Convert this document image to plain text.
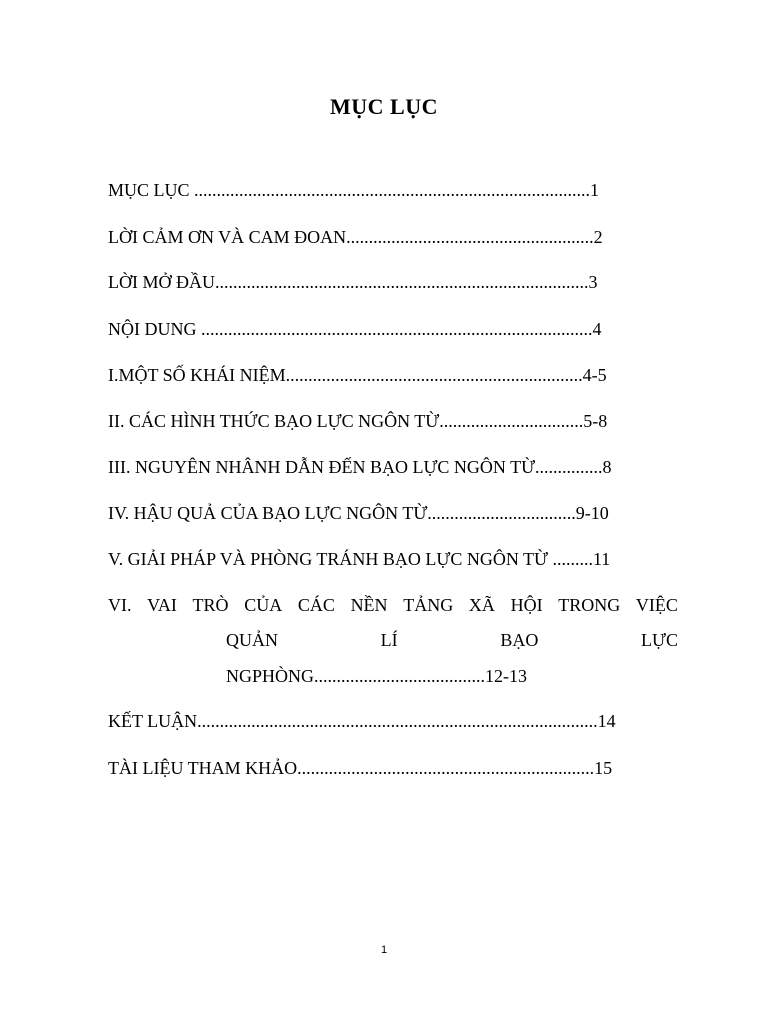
MỤC LỤC
MỤC LỤC ........................................................................................1
LỜI CẢM ƠN VÀ CAM ĐOAN.......................................................2
LỜI MỞ ĐẦU...................................................................................3
NỘI DUNG .......................................................................................4
I.MỘT SỐ KHÁI NIỆM..................................................................4-5
II. CÁC HÌNH THỨC BẠO LỰC NGÔN TỪ................................5-8
III. NGUYÊN NHÂNH DẪN ĐẾN BẠO LỰC NGÔN TỪ...............8
IV. HẬU QUẢ CỦA BẠO LỰC NGÔN TỪ.................................9-10
V. GIẢI PHÁP VÀ PHÒNG TRÁNH BẠO LỰC NGÔN TỪ .........11
VI. VAI TRÒ CỦA CÁC NỀN TẢNG XÃ HỘI TRONG VIỆC
QUẢN	LÍ	BẠO	LỰC
NGPHÒNG......................................12-13
KẾT LUẬN.........................................................................................14
TÀI LIỆU THAM KHẢO..................................................................15
1
